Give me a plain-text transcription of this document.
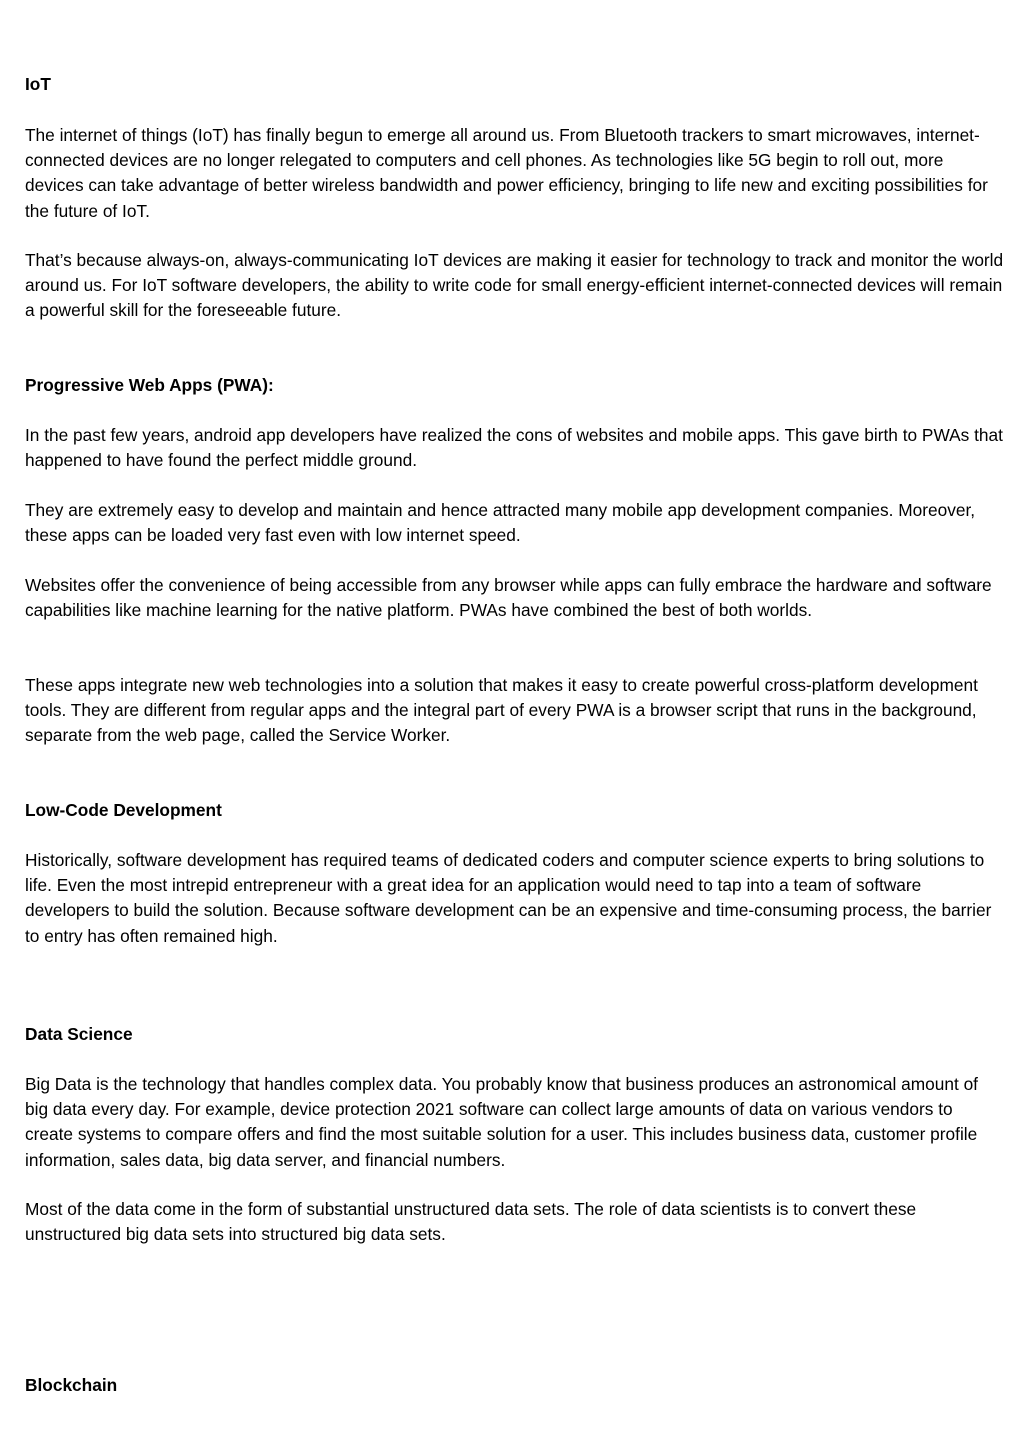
IoT

The internet of things (IoT) has finally begun to emerge all around us. From Bluetooth trackers to smart microwaves, internet-connected devices are no longer relegated to computers and cell phones. As technologies like 5G begin to roll out, more devices can take advantage of better wireless bandwidth and power efficiency, bringing to life new and exciting possibilities for the future of IoT.

That’s because always-on, always-communicating IoT devices are making it easier for technology to track and monitor the world around us. For IoT software developers, the ability to write code for small energy-efficient internet-connected devices will remain a powerful skill for the foreseeable future.

Progressive Web Apps (PWA):

In the past few years, android app developers have realized the cons of websites and mobile apps. This gave birth to PWAs that happened to have found the perfect middle ground.

They are extremely easy to develop and maintain and hence attracted many mobile app development companies. Moreover, these apps can be loaded very fast even with low internet speed.

Websites offer the convenience of being accessible from any browser while apps can fully embrace the hardware and software capabilities like machine learning for the native platform. PWAs have combined the best of both worlds.

These apps integrate new web technologies into a solution that makes it easy to create powerful cross-platform development tools. They are different from regular apps and the integral part of every PWA is a browser script that runs in the background, separate from the web page, called the Service Worker.

Low-Code Development

Historically, software development has required teams of dedicated coders and computer science experts to bring solutions to life. Even the most intrepid entrepreneur with a great idea for an application would need to tap into a team of software developers to build the solution. Because software development can be an expensive and time-consuming process, the barrier to entry has often remained high.

Data Science

Big Data is the technology that handles complex data. You probably know that business produces an astronomical amount of big data every day. For example, device protection 2021 software can collect large amounts of data on various vendors to create systems to compare offers and find the most suitable solution for a user. This includes business data, customer profile information, sales data, big data server, and financial numbers.

Most of the data come in the form of substantial unstructured data sets. The role of data scientists is to convert these unstructured big data sets into structured big data sets.

Blockchain
